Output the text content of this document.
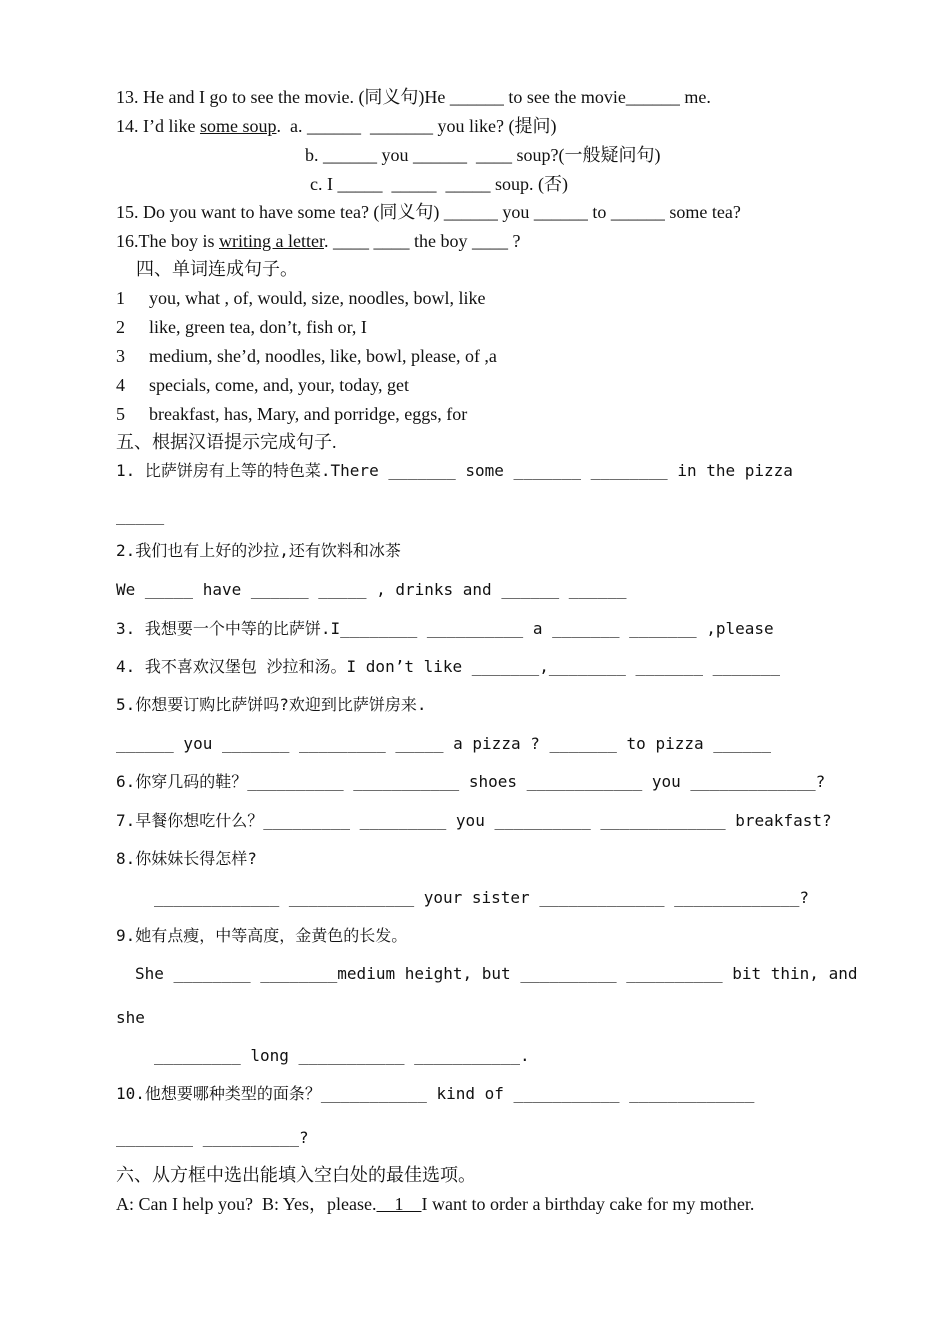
13. He and I go to see the movie. (同义句)He ______ to see the movie______ me.
14. I’d like some soup.  a. ______  _______ you like? (提问)
b. ______ you ______  ____ soup?(一般疑问句)
c. I _____  _____  _____ soup. (否)
15. Do you want to have some tea? (同义句) ______ you ______ to ______ some tea?
16.The boy is writing a letter. ____ ____ the boy ____ ?
四、单词连成句子。
1 you, what , of, would, size, noodles, bowl, like
2 like, green tea, don’t, fish or, I
3 medium, she’d, noodles, like, bowl, please, of ,a
4 specials, come, and, your, today, get
5 breakfast, has, Mary, and porridge, eggs, for
五、根据汉语提示完成句子.
1. 比萨饼房有上等的特色菜.There _______ some _______ ________ in the pizza
_____
2.我们也有上好的沙拉,还有饮料和冰茶
We _____ have ______ _____ , drinks and ______ ______
3. 我想要一个中等的比萨饼.I________ __________ a _______ _______ ,please
4. 我不喜欢汉堡包 沙拉和汤。I don’t like _______,________ _______ _______
5.你想要订购比萨饼吗?欢迎到比萨饼房来.
______ you _______ _________ _____ a pizza ? _______ to pizza ______
6.你穿几码的鞋？__________ ___________ shoes ____________ you _____________?
7.早餐你想吃什么？_________ _________ you __________ _____________ breakfast?
8.你妹妹长得怎样?
_____________ _____________ your sister _____________ _____________?
9.她有点瘦，中等高度，金黄色的长发。
She ________ ________medium height, but __________ __________ bit thin, and
she
_________ long ___________ ___________.
10.他想要哪种类型的面条？___________ kind of ___________ _____________
________ __________?
六、从方框中选出能填入空白处的最佳选项。
A: Can I help you?  B: Yes，please.    1    I want to order a birthday cake for my mother.
